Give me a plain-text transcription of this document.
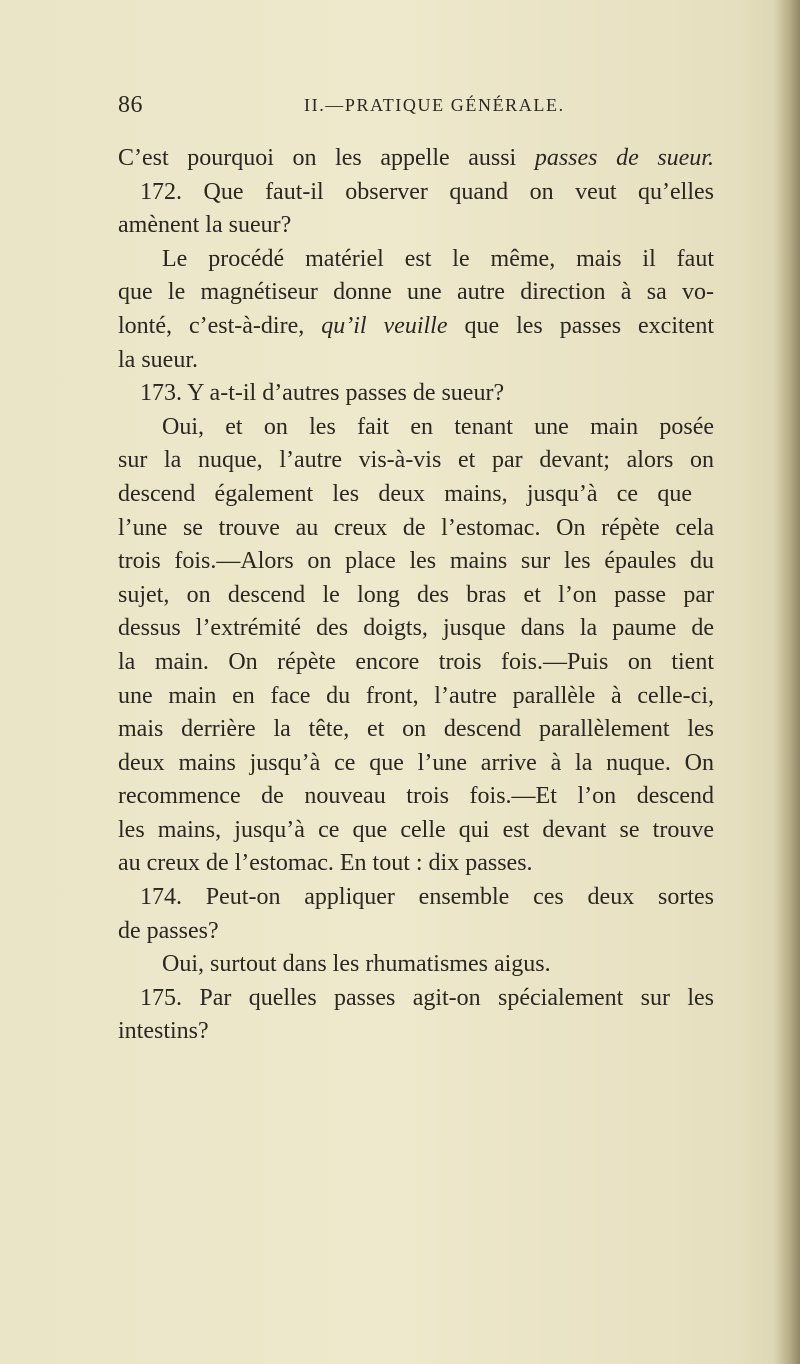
86	II.—PRATIQUE GÉNÉRALE.
C’est pourquoi on les appelle aussi passes de sueur.
172. Que faut-il observer quand on veut qu’elles
amènent la sueur?
Le procédé matériel est le même, mais il faut
que le magnétiseur donne une autre direction à sa vo-
lonté, c’est-à-dire, qu’il veuille que les passes excitent
la sueur.
173. Y a-t-il d’autres passes de sueur?
Oui, et on les fait en tenant une main posée
sur la nuque, l’autre vis-à-vis et par devant; alors on
descend également les deux mains, jusqu’à ce que
l’une se trouve au creux de l’estomac. On répète cela
trois fois.—Alors on place les mains sur les épaules du
sujet, on descend le long des bras et l’on passe par
dessus l’extrémité des doigts, jusque dans la paume de
la main. On répète encore trois fois.—Puis on tient
une main en face du front, l’autre parallèle à celle-ci,
mais derrière la tête, et on descend parallèlement les
deux mains jusqu’à ce que l’une arrive à la nuque. On
recommence de nouveau trois fois.—Et l’on descend
les mains, jusqu’à ce que celle qui est devant se trouve
au creux de l’estomac. En tout : dix passes.
174. Peut-on appliquer ensemble ces deux sortes
de passes?
Oui, surtout dans les rhumatismes aigus.
175. Par quelles passes agit-on spécialement sur les
intestins?
